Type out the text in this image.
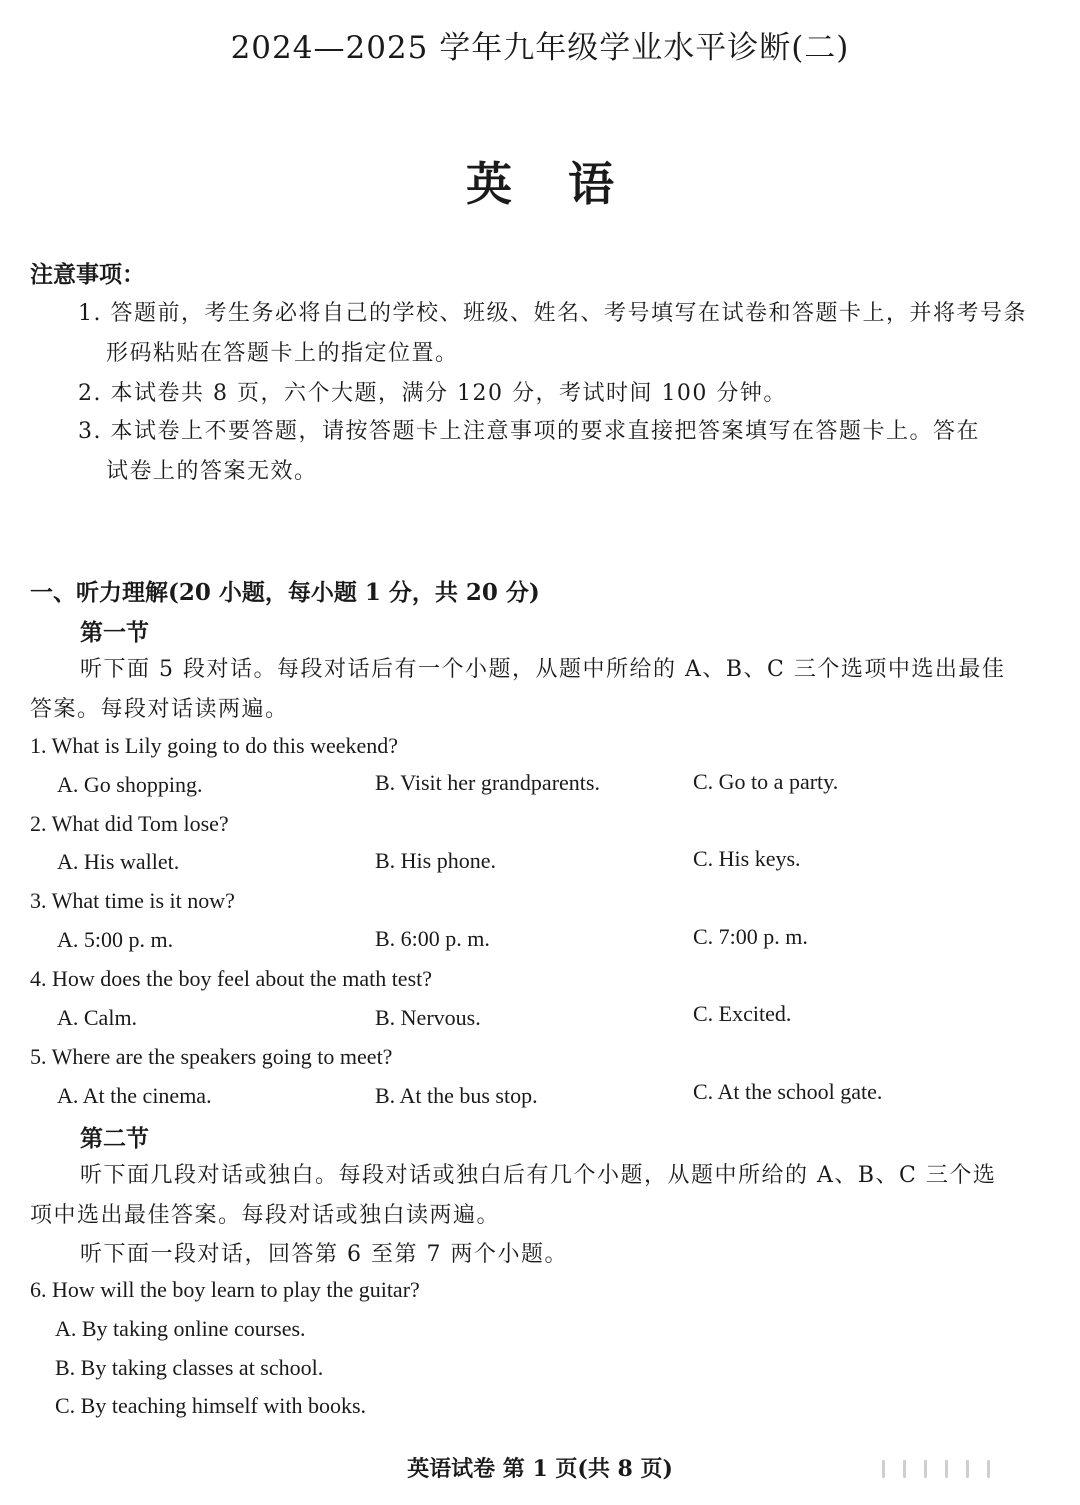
2024—2025 学年九年级学业水平诊断(二)
英语
注意事项：
1. 答题前，考生务必将自己的学校、班级、姓名、考号填写在试卷和答题卡上，并将考号条
形码粘贴在答题卡上的指定位置。
2. 本试卷共 8 页，六个大题，满分 120 分，考试时间 100 分钟。
3. 本试卷上不要答题，请按答题卡上注意事项的要求直接把答案填写在答题卡上。答在
试卷上的答案无效。
一、听力理解(20 小题，每小题 1 分，共 20 分)
第一节
听下面 5 段对话。每段对话后有一个小题，从题中所给的 A、B、C 三个选项中选出最佳
答案。每段对话读两遍。
1. What is Lily going to do this weekend?
A. Go shopping.	B. Visit her grandparents.	C. Go to a party.
2. What did Tom lose?
A. His wallet.	B. His phone.	C. His keys.
3. What time is it now?
A. 5:00 p. m.	B. 6:00 p. m.	C. 7:00 p. m.
4. How does the boy feel about the math test?
A. Calm.	B. Nervous.	C. Excited.
5. Where are the speakers going to meet?
A. At the cinema.	B. At the bus stop.	C. At the school gate.
第二节
听下面几段对话或独白。每段对话或独白后有几个小题，从题中所给的 A、B、C 三个选
项中选出最佳答案。每段对话或独白读两遍。
听下面一段对话，回答第 6 至第 7 两个小题。
6. How will the boy learn to play the guitar?
A. By taking online courses.
B. By taking classes at school.
C. By teaching himself with books.
英语试卷 第 1 页(共 8 页)
